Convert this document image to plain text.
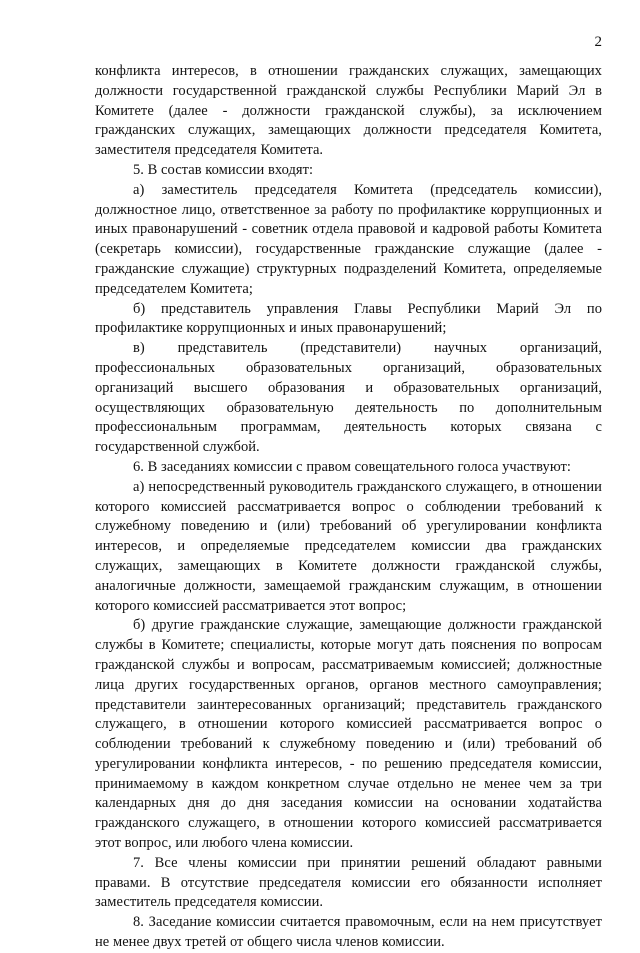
2

конфликта интересов, в отношении гражданских служащих, замещающих должности государственной гражданской службы Республики Марий Эл в Комитете (далее - должности гражданской службы), за исключением гражданских служащих, замещающих должности председателя Комитета, заместителя председателя Комитета.

5. В состав комиссии входят:

а) заместитель председателя Комитета (председатель комиссии), должностное лицо, ответственное за работу по профилактике коррупционных и иных правонарушений - советник отдела правовой и кадровой работы Комитета (секретарь комиссии), государственные гражданские служащие (далее - гражданские служащие) структурных подразделений Комитета, определяемые председателем Комитета;

б) представитель управления Главы Республики Марий Эл по профилактике коррупционных и иных правонарушений;

в) представитель (представители) научных организаций, профессиональных образовательных организаций, образовательных организаций высшего образования и образовательных организаций, осуществляющих образовательную деятельность по дополнительным профессиональным программам, деятельность которых связана с государственной службой.

6. В заседаниях комиссии с правом совещательного голоса участвуют:

а) непосредственный руководитель гражданского служащего, в отношении которого комиссией рассматривается вопрос о соблюдении требований к служебному поведению и (или) требований об урегулировании конфликта интересов, и определяемые председателем комиссии два гражданских служащих, замещающих в Комитете должности гражданской службы, аналогичные должности, замещаемой гражданским служащим, в отношении которого комиссией рассматривается этот вопрос;

б) другие гражданские служащие, замещающие должности гражданской службы в Комитете; специалисты, которые могут дать пояснения по вопросам гражданской службы и вопросам, рассматриваемым комиссией; должностные лица других государственных органов, органов местного самоуправления; представители заинтересованных организаций; представитель гражданского служащего, в отношении которого комиссией рассматривается вопрос о соблюдении требований к служебному поведению и (или) требований об урегулировании конфликта интересов, - по решению председателя комиссии, принимаемому в каждом конкретном случае отдельно не менее чем за три календарных дня до дня заседания комиссии на основании ходатайства гражданского служащего, в отношении которого комиссией рассматривается этот вопрос, или любого члена комиссии.

7. Все члены комиссии при принятии решений обладают равными правами. В отсутствие председателя комиссии его обязанности исполняет заместитель председателя комиссии.

8. Заседание комиссии считается правомочным, если на нем присутствует не менее двух третей от общего числа членов комиссии.
